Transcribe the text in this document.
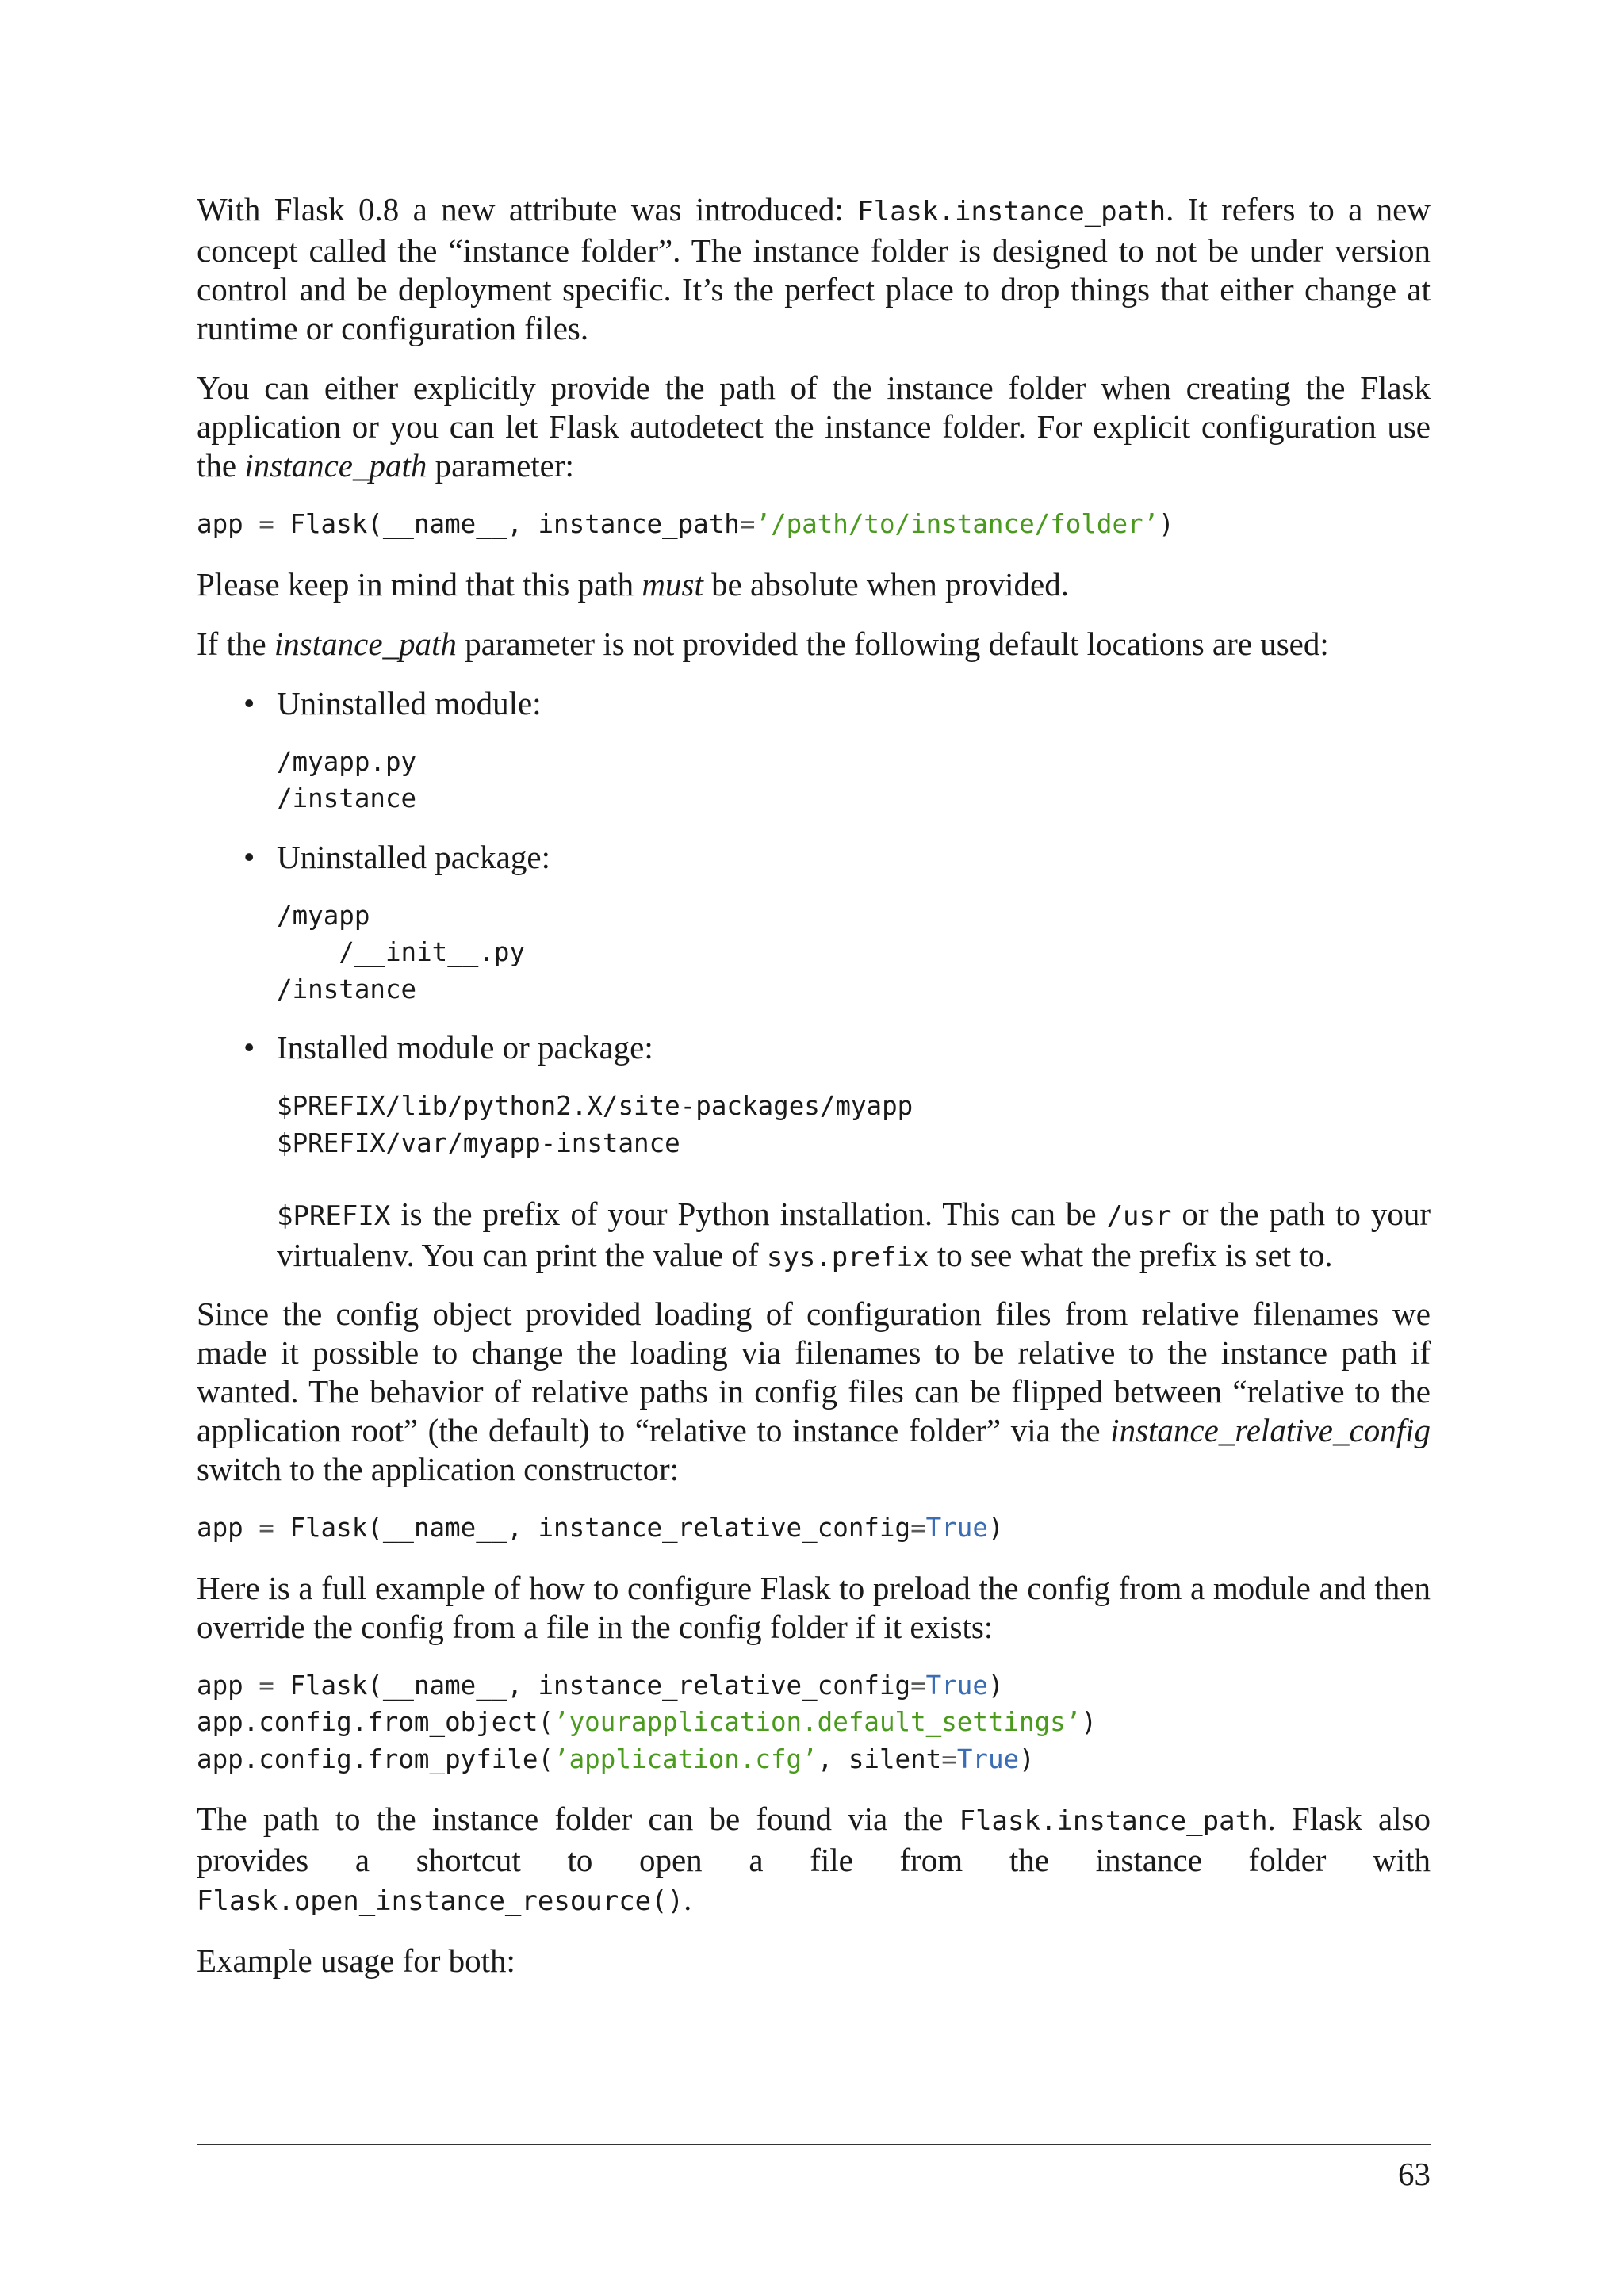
With Flask 0.8 a new attribute was introduced: Flask.instance_path. It refers to a new concept called the “instance folder”. The instance folder is designed to not be under version control and be deployment specific. It’s the perfect place to drop things that either change at runtime or configuration files.

You can either explicitly provide the path of the instance folder when creating the Flask application or you can let Flask autodetect the instance folder. For explicit configuration use the instance_path parameter:

app = Flask(__name__, instance_path=’/path/to/instance/folder’)

Please keep in mind that this path must be absolute when provided.

If the instance_path parameter is not provided the following default locations are used:

• Uninstalled module:

/myapp.py
/instance
• Uninstalled package:

/myapp
/__init__.py
/instance
• Installed module or package:

$PREFIX/lib/python2.X/site-packages/myapp
$PREFIX/var/myapp-instance

$PREFIX is the prefix of your Python installation. This can be /usr or the path to your virtualenv. You can print the value of sys.prefix to see what the prefix is set to.

Since the config object provided loading of configuration files from relative filenames we made it possible to change the loading via filenames to be relative to the instance path if wanted. The behavior of relative paths in config files can be flipped between “relative to the application root” (the default) to “relative to instance folder” via the instance_relative_config switch to the application constructor:

app = Flask(__name__, instance_relative_config=True)

Here is a full example of how to configure Flask to preload the config from a module and then override the config from a file in the config folder if it exists:

app = Flask(__name__, instance_relative_config=True)
app.config.from_object(’yourapplication.default_settings’)
app.config.from_pyfile(’application.cfg’, silent=True)

The path to the instance folder can be found via the Flask.instance_path. Flask also provides a shortcut to open a file from the instance folder with Flask.open_instance_resource().

Example usage for both:

63
